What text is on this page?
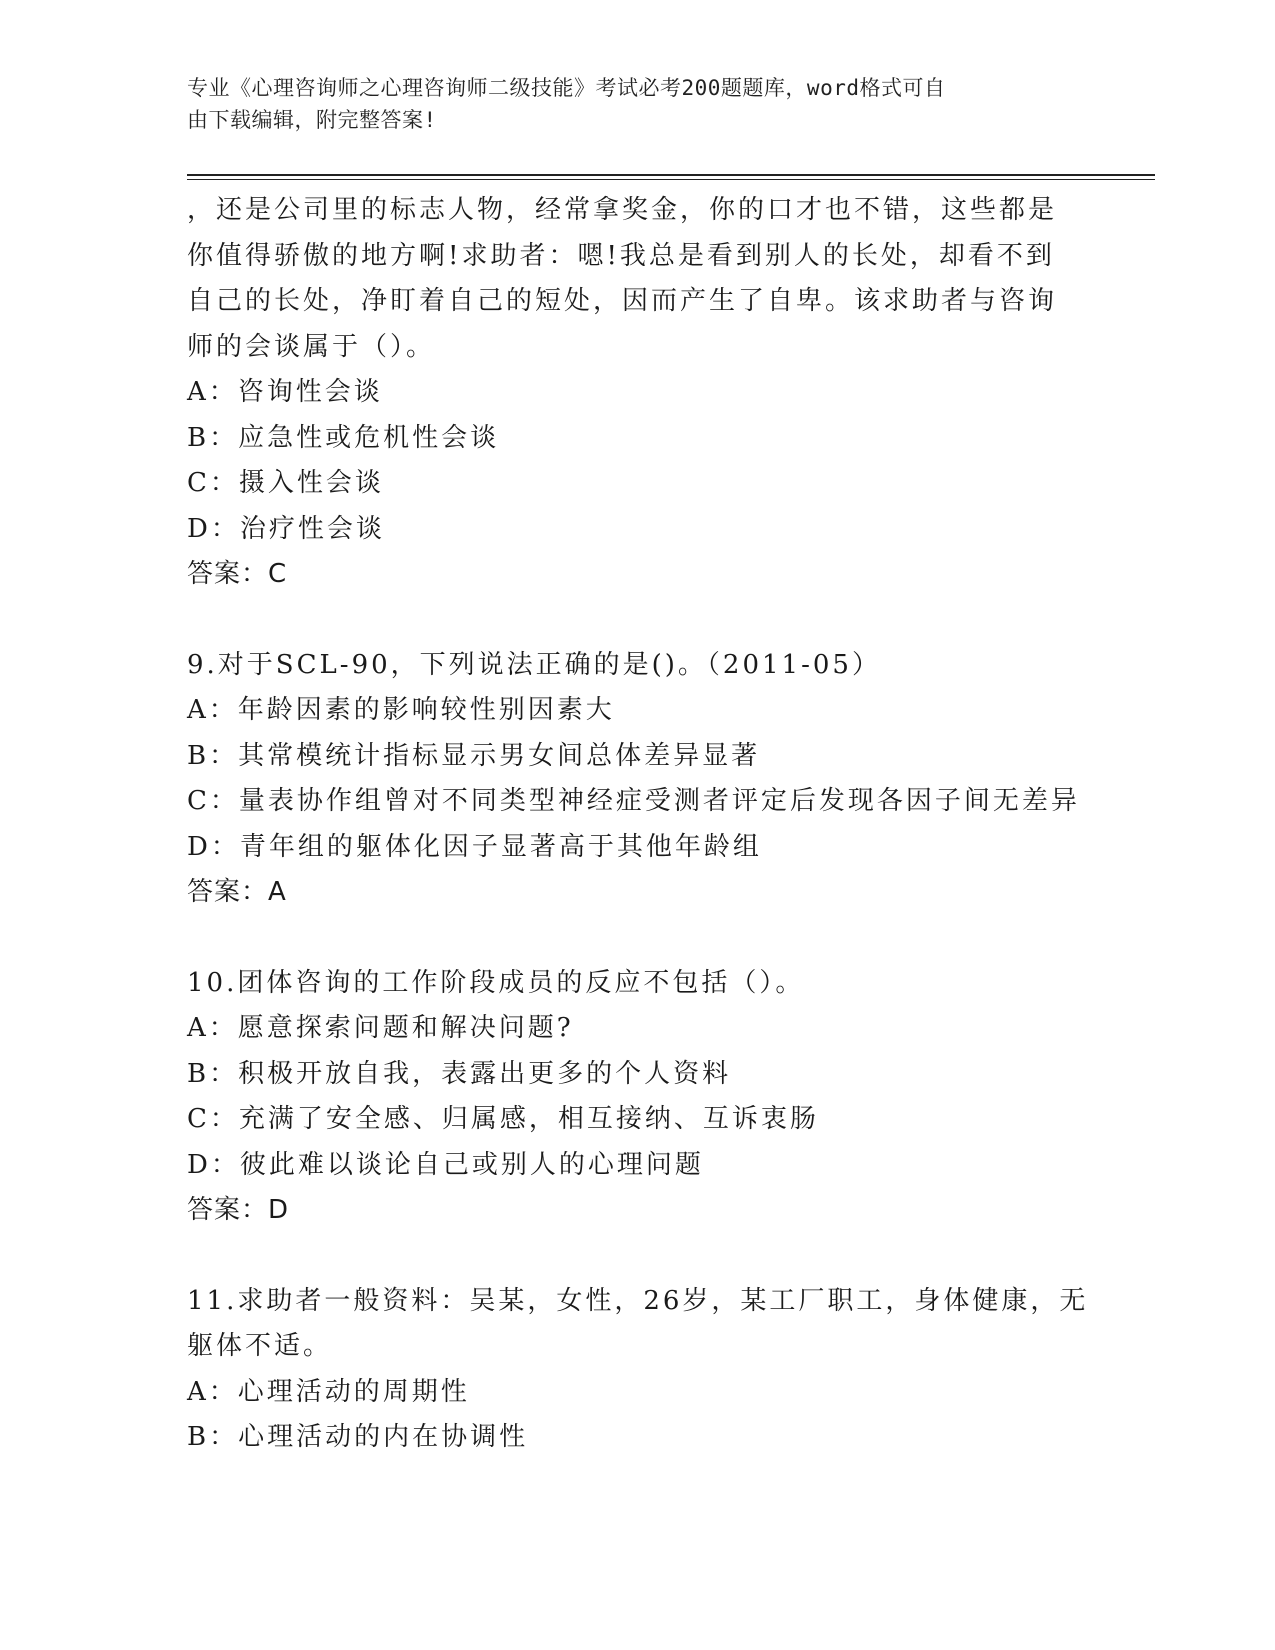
专业《心理咨询师之心理咨询师二级技能》考试必考200题题库，word格式可自
由下载编辑，附完整答案!
，还是公司里的标志人物，经常拿奖金，你的口才也不错，这些都是
你值得骄傲的地方啊!求助者：嗯!我总是看到别人的长处，却看不到
自己的长处，净盯着自己的短处，因而产生了自卑。该求助者与咨询
师的会谈属于（）。
A：咨询性会谈
B：应急性或危机性会谈
C：摄入性会谈
D：治疗性会谈
答案：C
9.对于SCL-90，下列说法正确的是()。（2011-05）
A：年龄因素的影响较性别因素大
B：其常模统计指标显示男女间总体差异显著
C：量表协作组曾对不同类型神经症受测者评定后发现各因子间无差异
D：青年组的躯体化因子显著高于其他年龄组
答案：A
10.团体咨询的工作阶段成员的反应不包括（）。
A：愿意探索问题和解决问题?
B：积极开放自我，表露出更多的个人资料
C：充满了安全感、归属感，相互接纳、互诉衷肠
D：彼此难以谈论自己或别人的心理问题
答案：D
11.求助者一般资料：吴某，女性，26岁，某工厂职工，身体健康，无
躯体不适。
A：心理活动的周期性
B：心理活动的内在协调性
